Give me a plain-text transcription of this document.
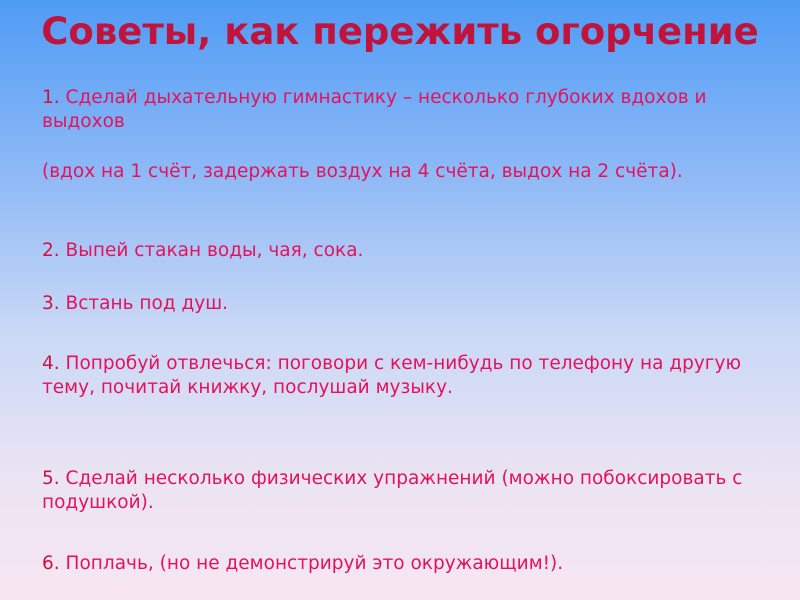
Советы, как пережить огорчение

1. Сделай дыхательную гимнастику – несколько глубоких вдохов и выдохов

(вдох на 1 счёт, задержать воздух на 4 счёта, выдох на 2 счёта).

2. Выпей стакан воды, чая, сока.

3. Встань под душ.

4. Попробуй отвлечься: поговори с кем-нибудь по телефону на другую тему, почитай книжку, послушай музыку.

5. Сделай несколько физических упражнений (можно побоксировать с подушкой).

6. Поплачь, (но не демонстрируй это окружающим!).
